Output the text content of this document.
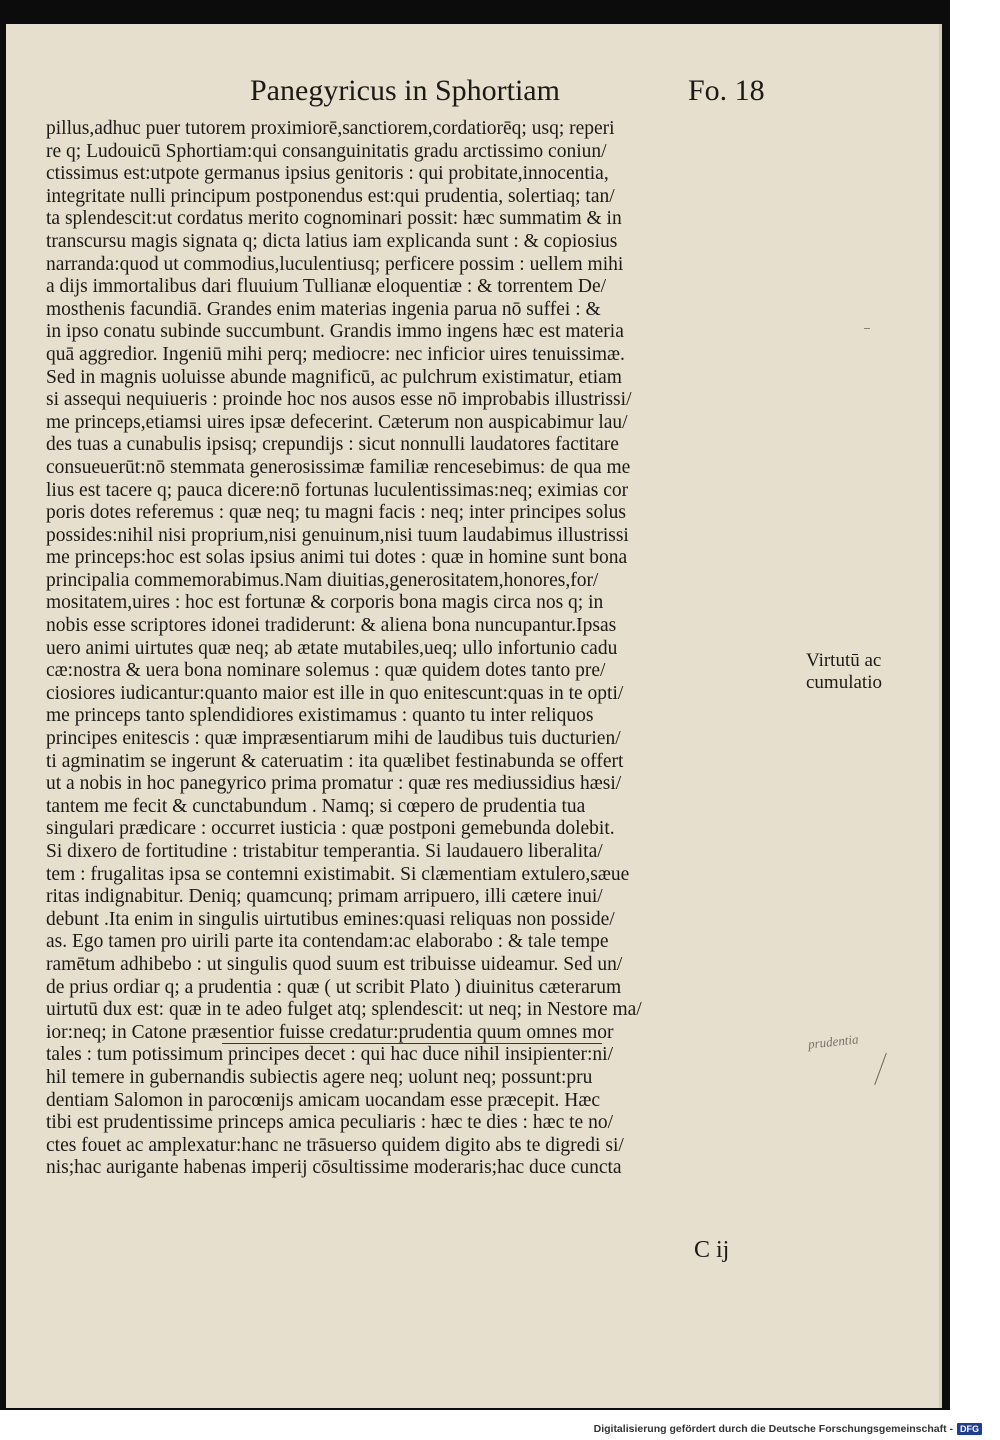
Panegyricus in Sphortiam	Fo. 18
pillus,adhuc puer tutorem proximiorē,sanctiorem,cordatiorēq; usq; reperi
re q; Ludouicū Sphortiam:qui consanguinitatis gradu arctissimo coniun/
ctissimus est:utpote germanus ipsius genitoris : qui probitate,innocentia,
integritate nulli principum postponendus est:qui prudentia, solertiaq; tan/
ta splendescit:ut cordatus merito cognominari possit: hæc summatim & in
transcursu magis signata q; dicta latius iam explicanda sunt : & copiosius
narranda:quod ut commodius,luculentiusq; perficere possim : uellem mihi
a dijs immortalibus dari fluuium Tullianæ eloquentiæ : & torrentem De/
mosthenis facundiā. Grandes enim materias ingenia parua nō suffei : &
in ipso conatu subinde succumbunt. Grandis immo ingens hæc est materia
quā aggredior. Ingeniū mihi perq; mediocre: nec inficior uires tenuissimæ.
Sed in magnis uoluisse abunde magnificū, ac pulchrum existimatur, etiam
si assequi nequiueris : proinde hoc nos ausos esse nō improbabis illustrissi/
me princeps,etiamsi uires ipsæ defecerint. Cæterum non auspicabimur lau/
des tuas a cunabulis ipsisq; crepundijs : sicut nonnulli laudatores factitare
consueuerūt:nō stemmata generosissimæ familiæ rencesebimus: de qua me
lius est tacere q; pauca dicere:nō fortunas luculentissimas:neq; eximias cor
poris dotes referemus : quæ neq; tu magni facis : neq; inter principes solus
possides:nihil nisi proprium,nisi genuinum,nisi tuum laudabimus illustrissi
me princeps:hoc est solas ipsius animi tui dotes : quæ in homine sunt bona
principalia commemorabimus.Nam diuitias,generositatem,honores,for/
mositatem,uires : hoc est fortunæ & corporis bona magis circa nos q; in
nobis esse scriptores idonei tradiderunt: & aliena bona nuncupantur.Ipsas
uero animi uirtutes quæ neq; ab ætate mutabiles,ueq; ullo infortunio cadu
cæ:nostra & uera bona nominare solemus : quæ quidem dotes tanto pre/
ciosiores iudicantur:quanto maior est ille in quo enitescunt:quas in te opti/
me princeps tanto splendidiores existimamus : quanto tu inter reliquos
principes enitescis : quæ impræsentiarum mihi de laudibus tuis ducturien/
ti agminatim se ingerunt & cateruatim : ita quælibet festinabunda se offert
ut a nobis in hoc panegyrico prima promatur : quæ res mediussidius hæsi/
tantem me fecit & cunctabundum . Namq; si cœpero de prudentia tua
singulari prædicare : occurret iusticia : quæ postponi gemebunda dolebit.
Si dixero de fortitudine : tristabitur temperantia. Si laudauero liberalita/
tem : frugalitas ipsa se contemni existimabit. Si clæmentiam extulero,sæue
ritas indignabitur. Deniq; quamcunq; primam arripuero, illi cætere inui/
debunt .Ita enim in singulis uirtutibus emines:quasi reliquas non posside/
as. Ego tamen pro uirili parte ita contendam:ac elaborabo : & tale tempe
ramētum adhibebo : ut singulis quod suum est tribuisse uideamur. Sed un/
de prius ordiar q; a prudentia : quæ ( ut scribit Plato ) diuinitus cæterarum
uirtutū dux est: quæ in te adeo fulget atq; splendescit: ut neq; in Nestore ma/
ior:neq; in Catone præsentior fuisse credatur:prudentia quum omnes mor
tales : tum potissimum principes decet : qui hac duce nihil insipienter:ni/
hil temere in gubernandis subiectis agere neq; uolunt neq; possunt:pru
dentiam Salomon in parocœnijs amicam uocandam esse præcepit. Hæc
tibi est prudentissime princeps amica peculiaris : hæc te dies : hæc te no/
ctes fouet ac amplexatur:hanc ne trāsuerso quidem digito abs te digredi si/
nis;hac aurigante habenas imperij cōsultissime moderaris;hac duce cuncta
Virtutū ac
cumulatio
prudentia
C ij
Digitalisierung gefördert durch die Deutsche Forschungsgemeinschaft - DFG
